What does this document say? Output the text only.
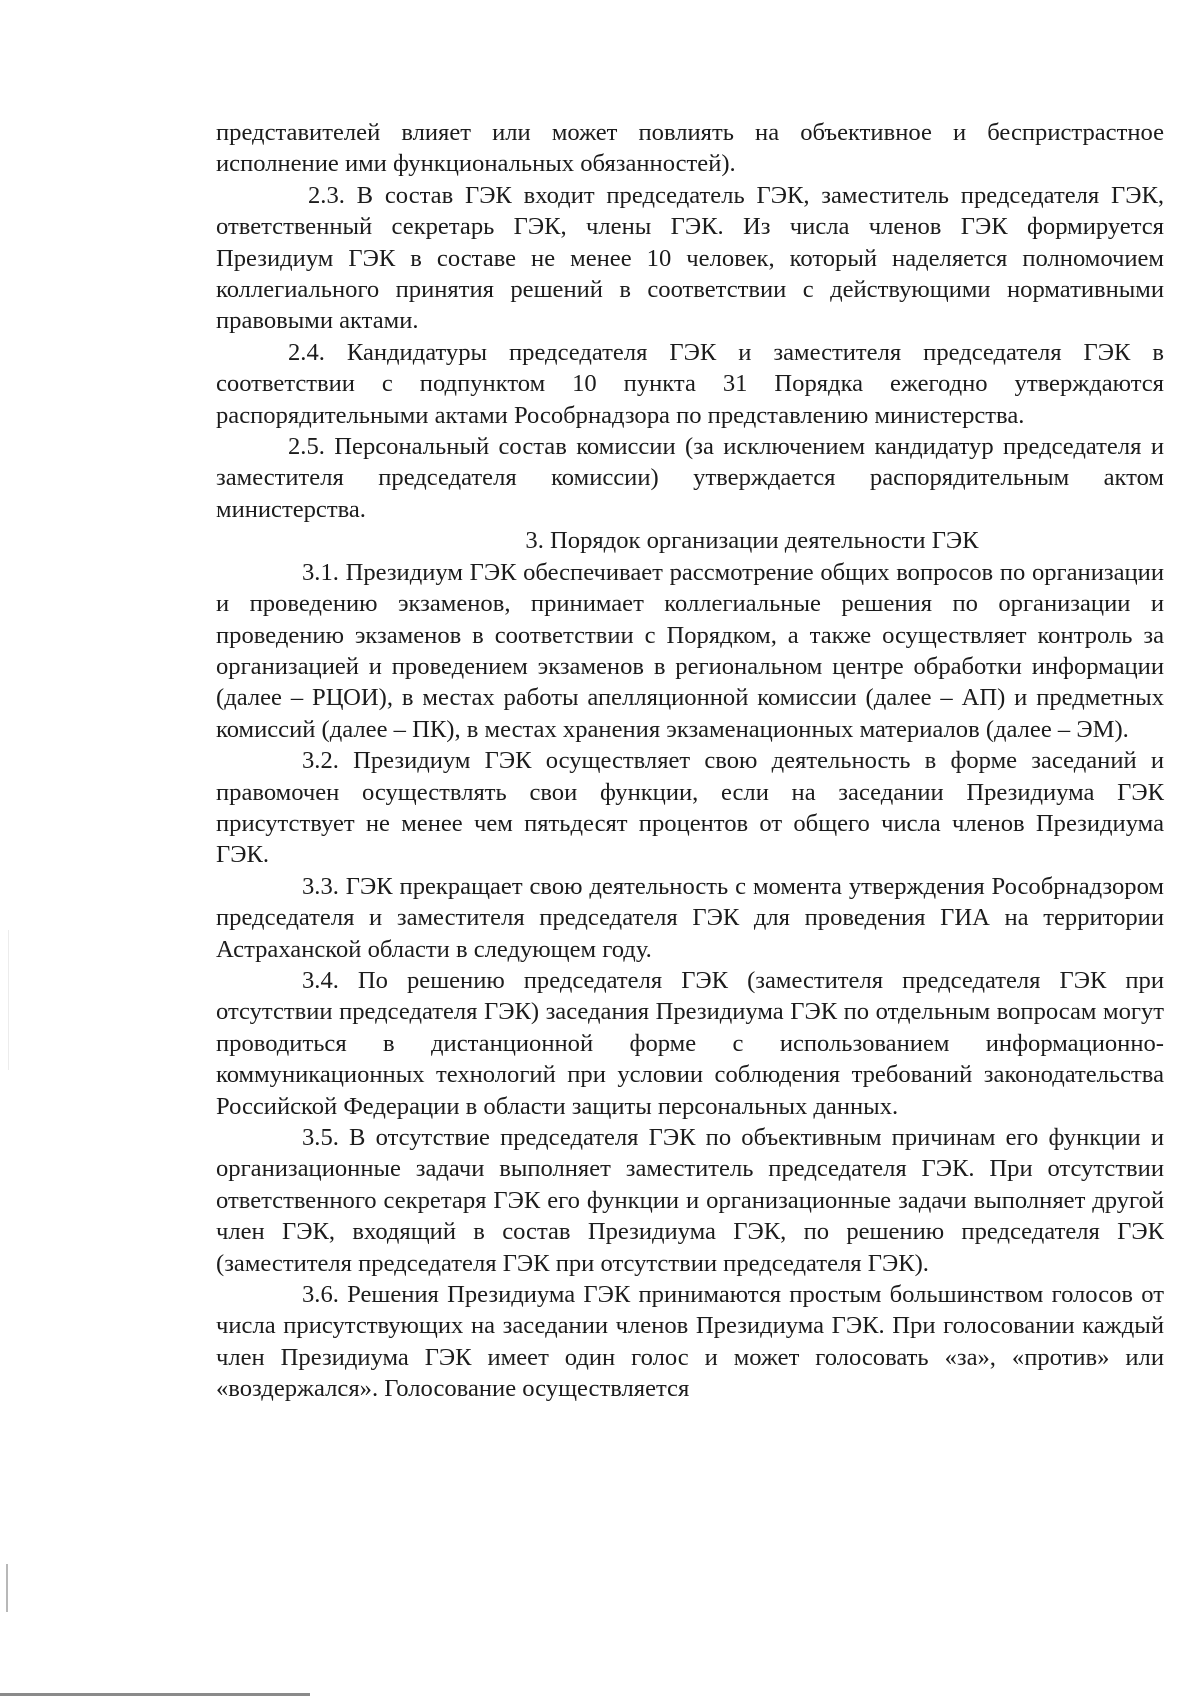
представителей влияет или может повлиять на объективное и беспристрастное исполнение ими функциональных обязанностей).

2.3. В состав ГЭК входит председатель ГЭК, заместитель председателя ГЭК, ответственный секретарь ГЭК, члены ГЭК. Из числа членов ГЭК формируется Президиум ГЭК в составе не менее 10 человек, который наделяется полномочием коллегиального принятия решений в соответствии с действующими нормативными правовыми актами.

2.4. Кандидатуры председателя ГЭК и заместителя председателя ГЭК в соответствии с подпунктом 10 пункта 31 Порядка ежегодно утверждаются распорядительными актами Рособрнадзора по представлению министерства.

2.5. Персональный состав комиссии (за исключением кандидатур председателя и заместителя председателя комиссии) утверждается распорядительным актом министерства.

3. Порядок организации деятельности ГЭК

3.1. Президиум ГЭК обеспечивает рассмотрение общих вопросов по организации и проведению экзаменов, принимает коллегиальные решения по организации и проведению экзаменов в соответствии с Порядком, а также осуществляет контроль за организацией и проведением экзаменов в региональном центре обработки информации (далее – РЦОИ), в местах работы апелляционной комиссии (далее – АП) и предметных комиссий (далее – ПК), в местах хранения экзаменационных материалов (далее – ЭМ).

3.2. Президиум ГЭК осуществляет свою деятельность в форме заседаний и правомочен осуществлять свои функции, если на заседании Президиума ГЭК присутствует не менее чем пятьдесят процентов от общего числа членов Президиума ГЭК.

3.3. ГЭК прекращает свою деятельность с момента утверждения Рособрнадзором председателя и заместителя председателя ГЭК для проведения ГИА на территории Астраханской области в следующем году.

3.4. По решению председателя ГЭК (заместителя председателя ГЭК при отсутствии председателя ГЭК) заседания Президиума ГЭК по отдельным вопросам могут проводиться в дистанционной форме с использованием информационно-коммуникационных технологий при условии соблюдения требований законодательства Российской Федерации в области защиты персональных данных.

3.5. В отсутствие председателя ГЭК по объективным причинам его функции и организационные задачи выполняет заместитель председателя ГЭК. При отсутствии ответственного секретаря ГЭК его функции и организационные задачи выполняет другой член ГЭК, входящий в состав Президиума ГЭК, по решению председателя ГЭК (заместителя председателя ГЭК при отсутствии председателя ГЭК).

3.6. Решения Президиума ГЭК принимаются простым большинством голосов от числа присутствующих на заседании членов Президиума ГЭК. При голосовании каждый член Президиума ГЭК имеет один голос и может голосовать «за», «против» или «воздержался». Голосование осуществляется
